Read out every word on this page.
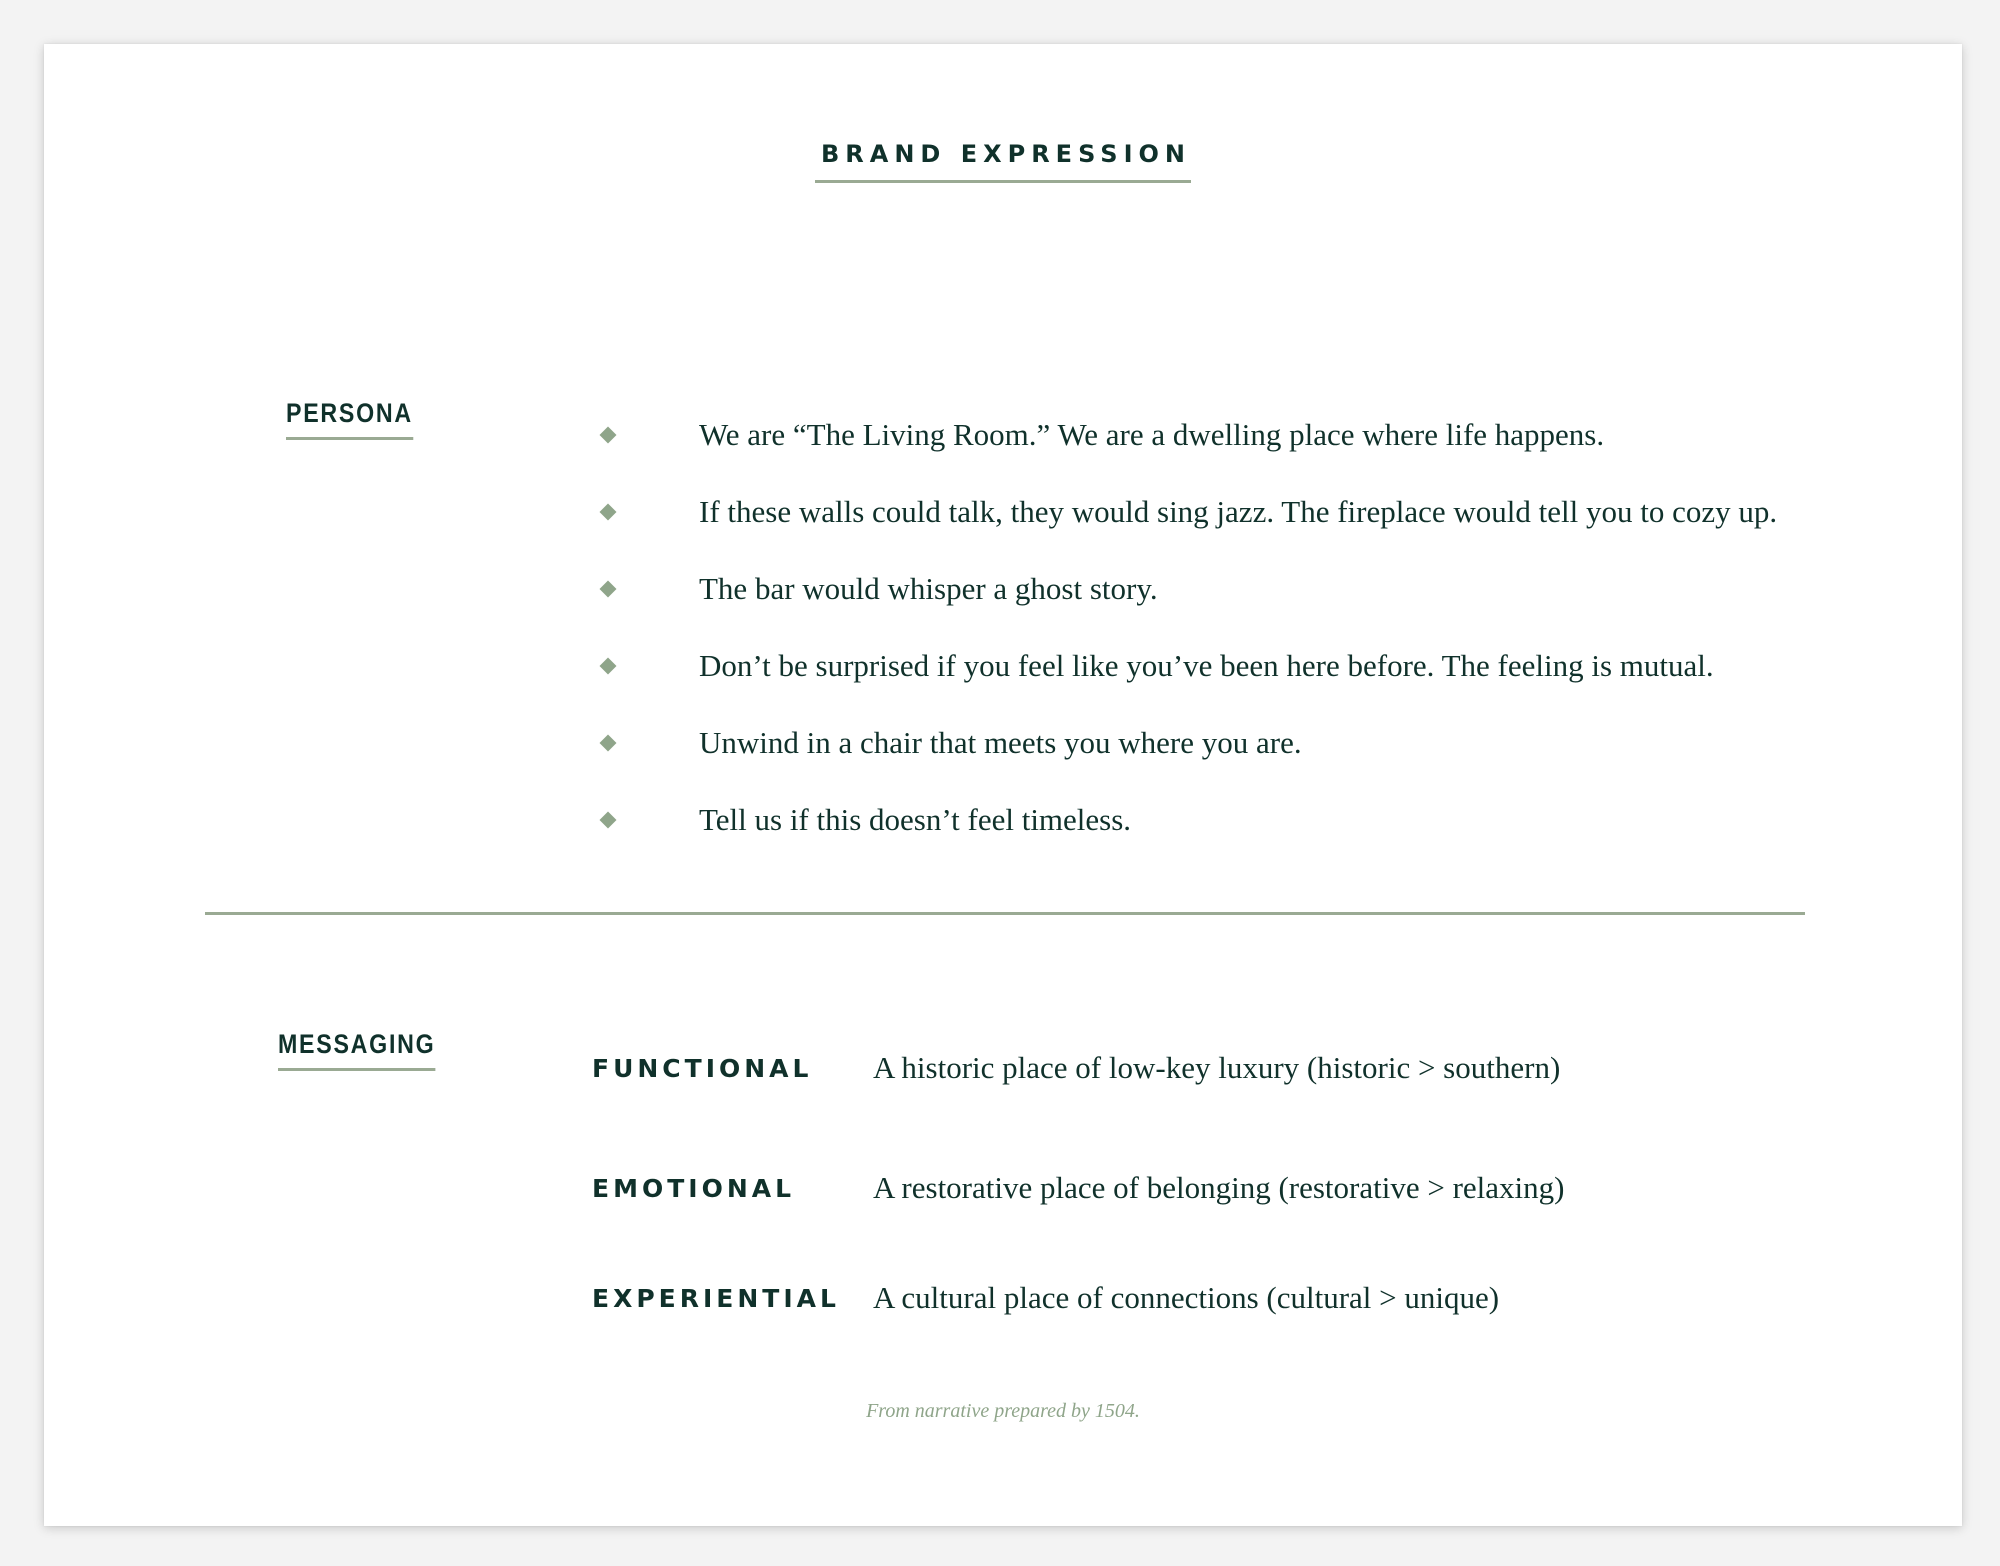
BRAND EXPRESSION
PERSONA
We are “The Living Room.” We are a dwelling place where life happens.
If these walls could talk, they would sing jazz. The fireplace would tell you to cozy up.
The bar would whisper a ghost story.
Don’t be surprised if you feel like you’ve been here before. The feeling is mutual.
Unwind in a chair that meets you where you are.
Tell us if this doesn’t feel timeless.
MESSAGING
FUNCTIONAL A historic place of low-key luxury (historic > southern)
EMOTIONAL	A restorative place of belonging (restorative > relaxing)
EXPERIENTIAL A cultural place of connections (cultural > unique)
From narrative prepared by 1504.
